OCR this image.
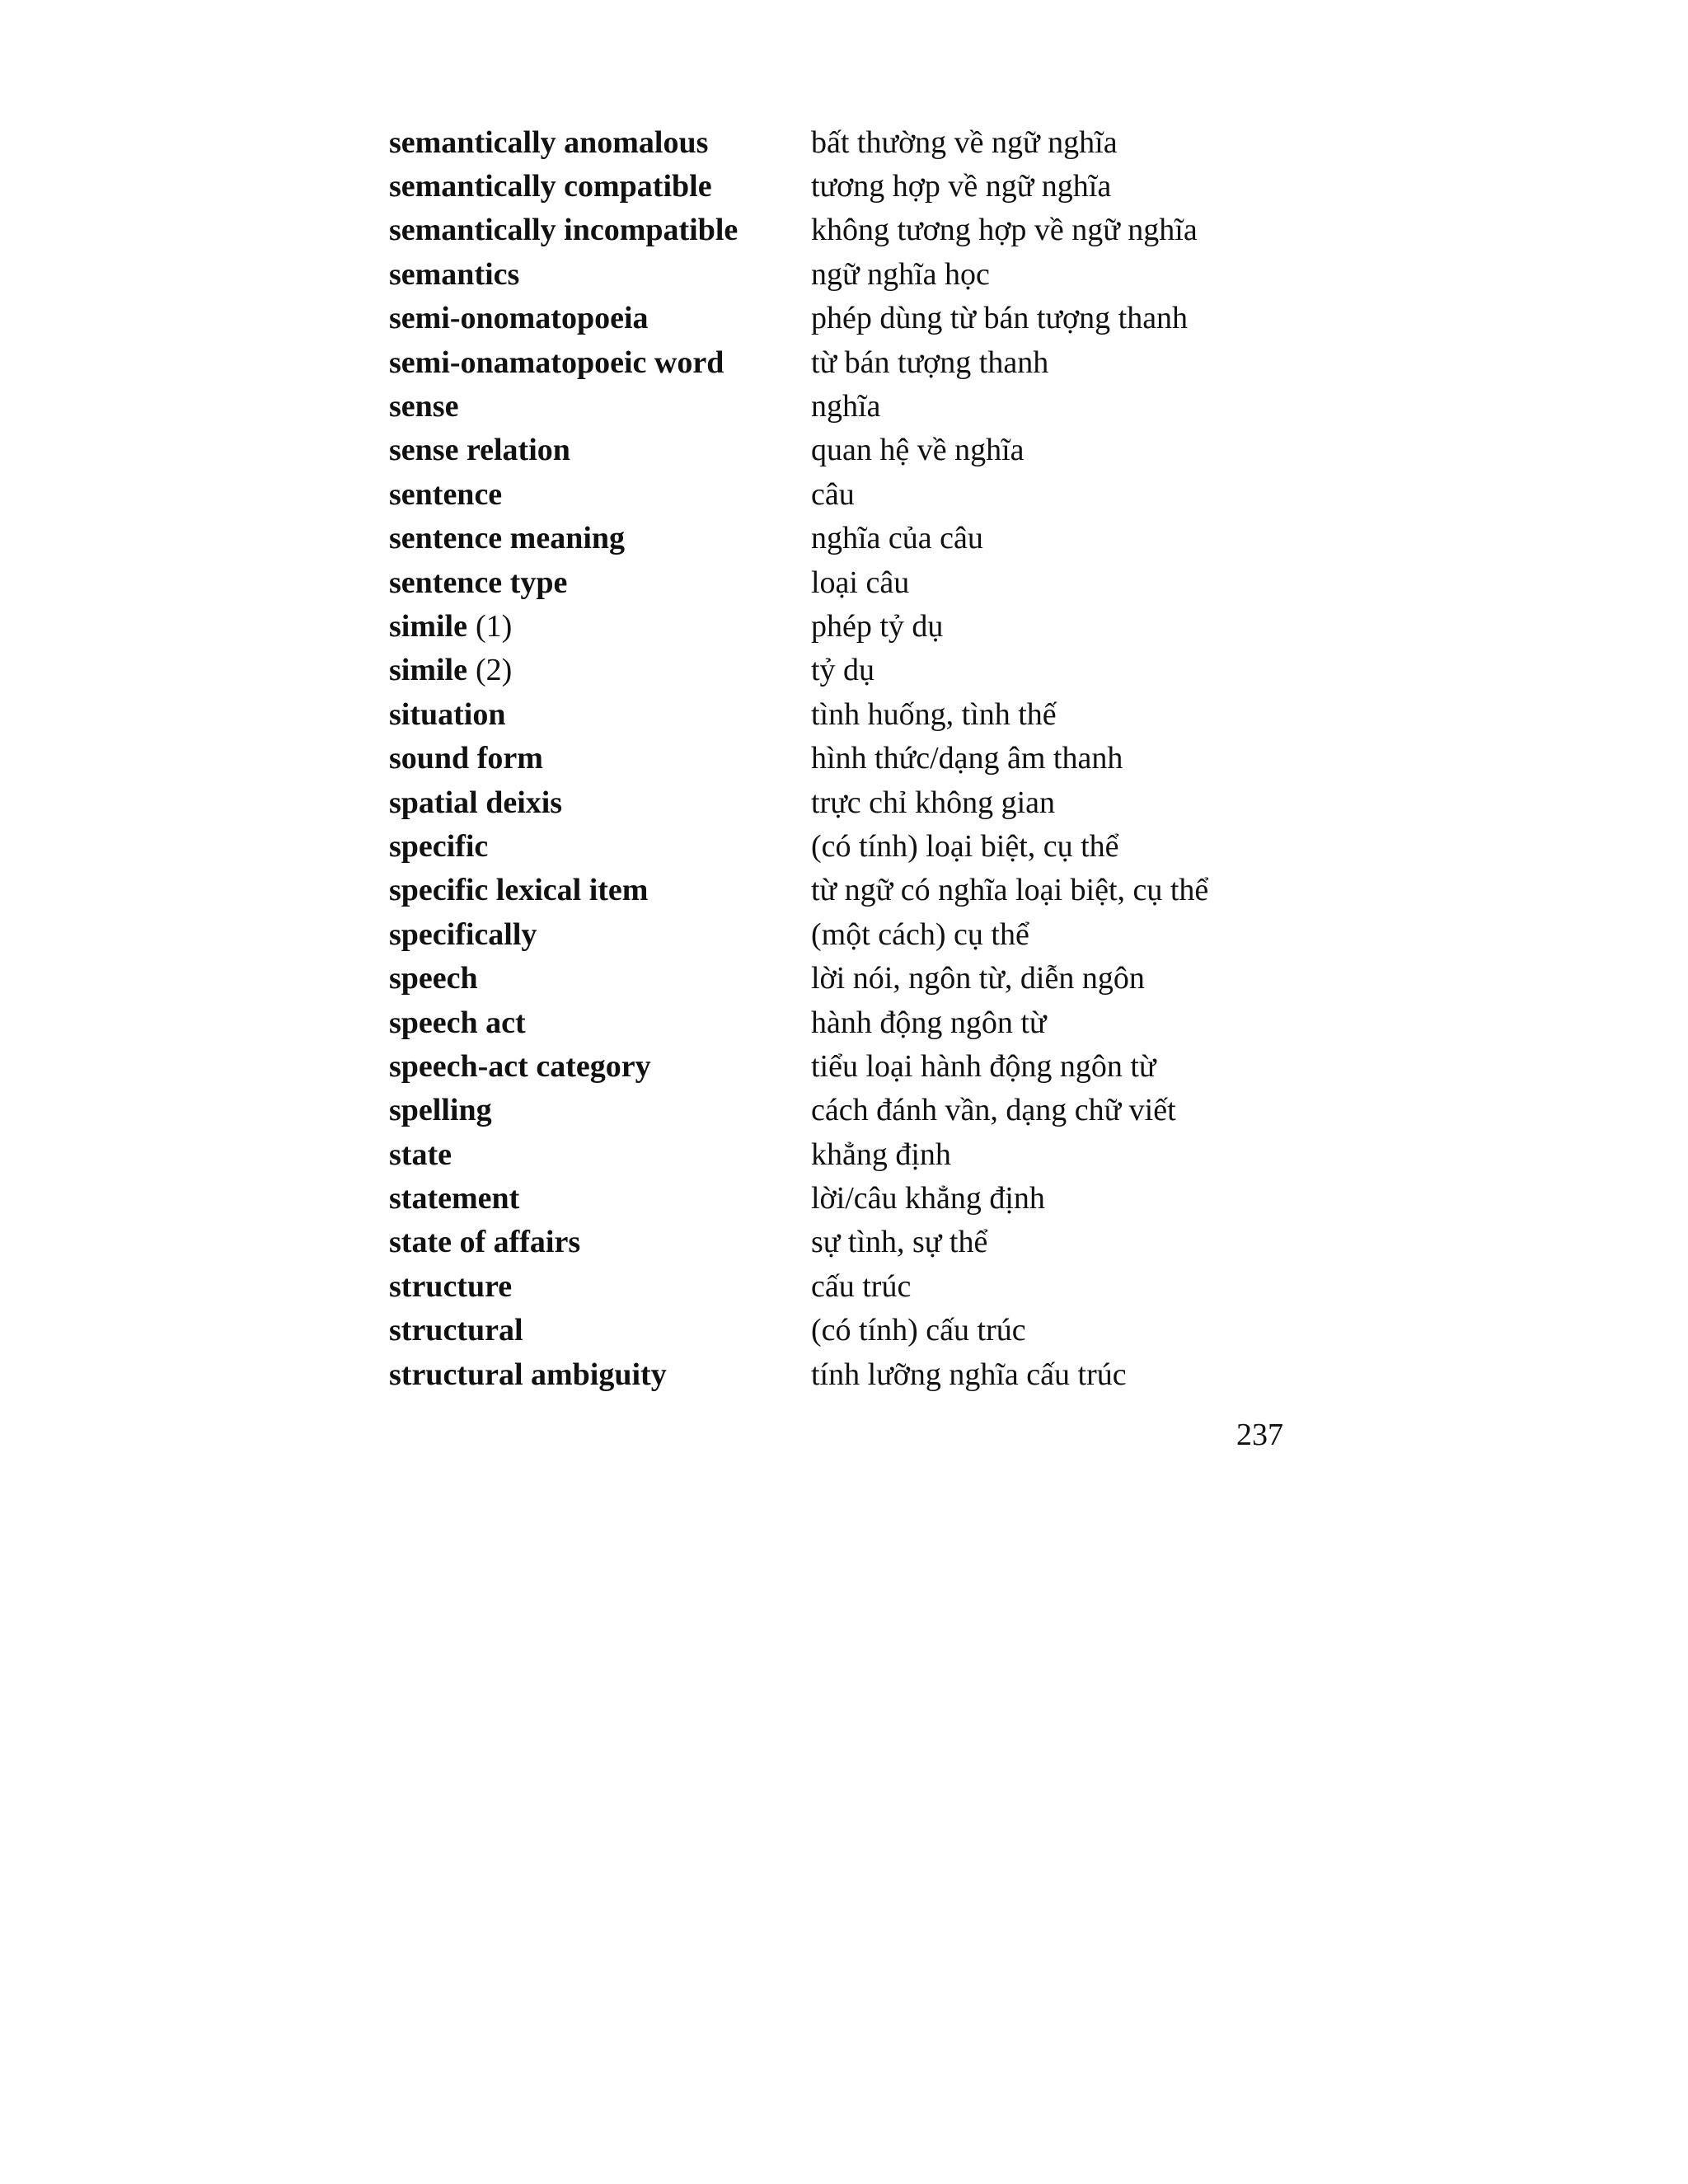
semantically anomalous	bất thường về ngữ nghĩa
semantically compatible	tương hợp về ngữ nghĩa
semantically incompatible	không tương hợp về ngữ nghĩa
semantics	ngữ nghĩa học
semi-onomatopoeia	phép dùng từ bán tượng thanh
semi-onamatopoeic word	từ bán tượng thanh
sense	nghĩa
sense relation	quan hệ về nghĩa
sentence	câu
sentence meaning	nghĩa của câu
sentence type	loại câu
simile (1)	phép tỷ dụ
simile (2)	tỷ dụ
situation	tình huống, tình thế
sound form	hình thức/dạng âm thanh
spatial deixis	trực chỉ không gian
specific	(có tính) loại biệt, cụ thể
specific lexical item	từ ngữ có nghĩa loại biệt, cụ thể
specifically	(một cách) cụ thể
speech	lời nói, ngôn từ, diễn ngôn
speech act	hành động ngôn từ
speech-act category	tiểu loại hành động ngôn từ
spelling	cách đánh vần, dạng chữ viết
state	khẳng định
statement	lời/câu khẳng định
state of affairs	sự tình, sự thể
structure	cấu trúc
structural	(có tính) cấu trúc
structural ambiguity	tính lưỡng nghĩa cấu trúc
237
